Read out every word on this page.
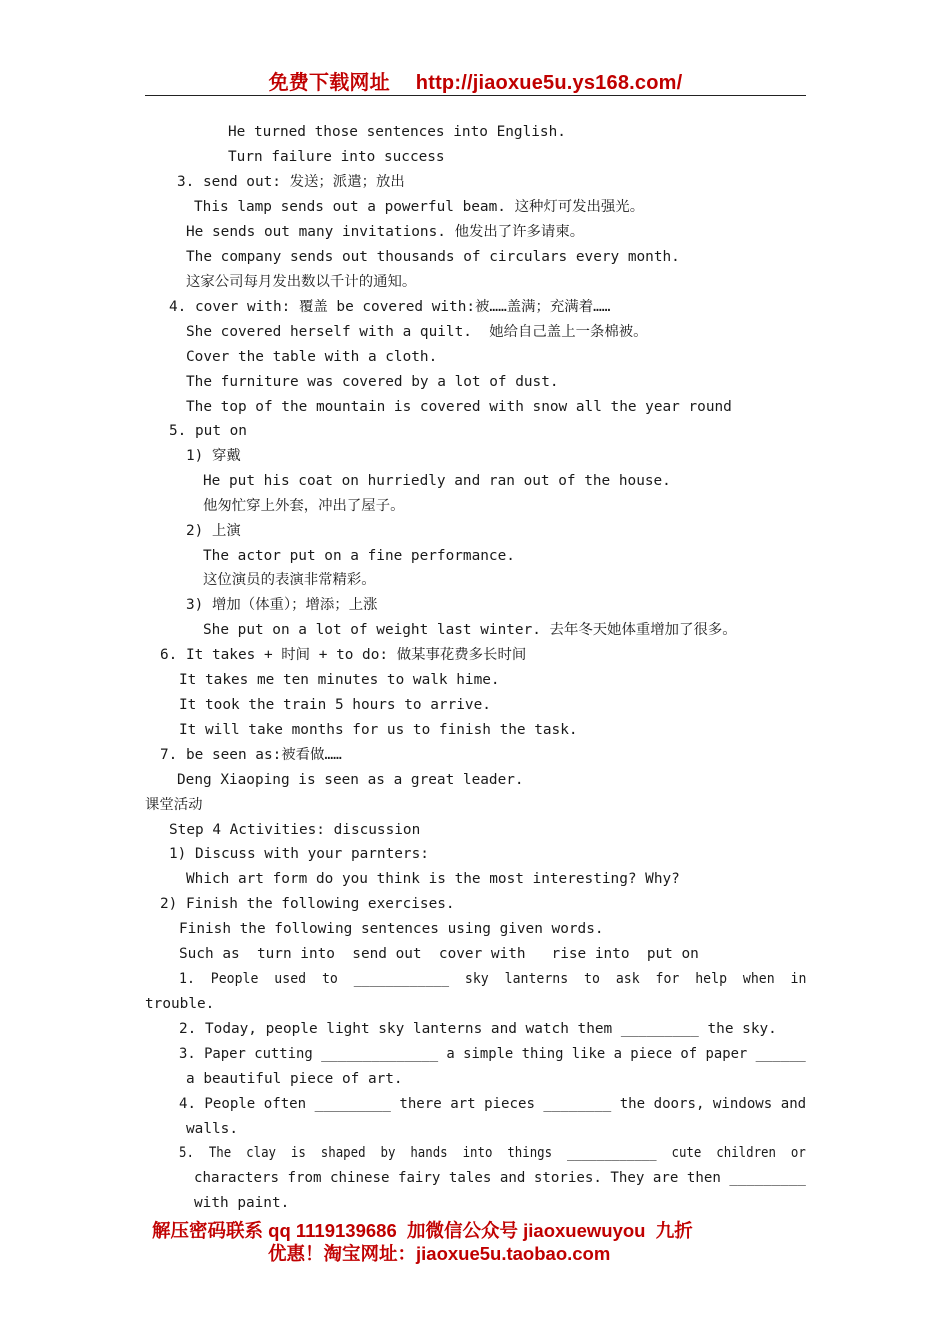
免费下载网址 http://jiaoxue5u.ys168.com/
He turned those sentences into English.
Turn failure into success
3. send out: 发送；派遣；放出
This lamp sends out a powerful beam. 这种灯可发出强光。
He sends out many invitations. 他发出了许多请柬。
The company sends out thousands of circulars every month.
这家公司每月发出数以千计的通知。
4. cover with: 覆盖 be covered with:被……盖满；充满着……
She covered herself with a quilt.  她给自己盖上一条棉被。
Cover the table with a cloth.
The furniture was covered by a lot of dust.
The top of the mountain is covered with snow all the year round
5. put on
1) 穿戴
He put his coat on hurriedly and ran out of the house.
他匆忙穿上外套，冲出了屋子。
2) 上演
The actor put on a fine performance.
这位演员的表演非常精彩。
3) 增加（体重）；增添；上涨
She put on a lot of weight last winter. 去年冬天她体重增加了很多。
6. It takes + 时间 + to do: 做某事花费多长时间
It takes me ten minutes to walk hime.
It took the train 5 hours to arrive.
It will take months for us to finish the task.
7. be seen as:被看做……
Deng Xiaoping is seen as a great leader.
课堂活动
Step 4 Activities: discussion
1) Discuss with your parnters:
Which art form do you think is the most interesting? Why?
2) Finish the following exercises.
Finish the following sentences using given words.
Such as  turn into  send out  cover with   rise into  put on
1.  People  used  to  ____________  sky  lanterns  to  ask  for  help  when  in
trouble.
2. Today, people light sky lanterns and watch them _________ the sky.
3. Paper cutting ______________ a simple thing like a piece of paper ______
a beautiful piece of art.
4. People often _________ there art pieces ________ the doors, windows and
walls.
5.  The  clay  is  shaped  by  hands  into  things  ____________  cute  children  or
characters from chinese fairy tales and stories. They are then _________
with paint.
解压密码联系 qq 1119139686  加微信公众号 jiaoxuewuyou  九折
优惠！淘宝网址：jiaoxue5u.taobao.com
